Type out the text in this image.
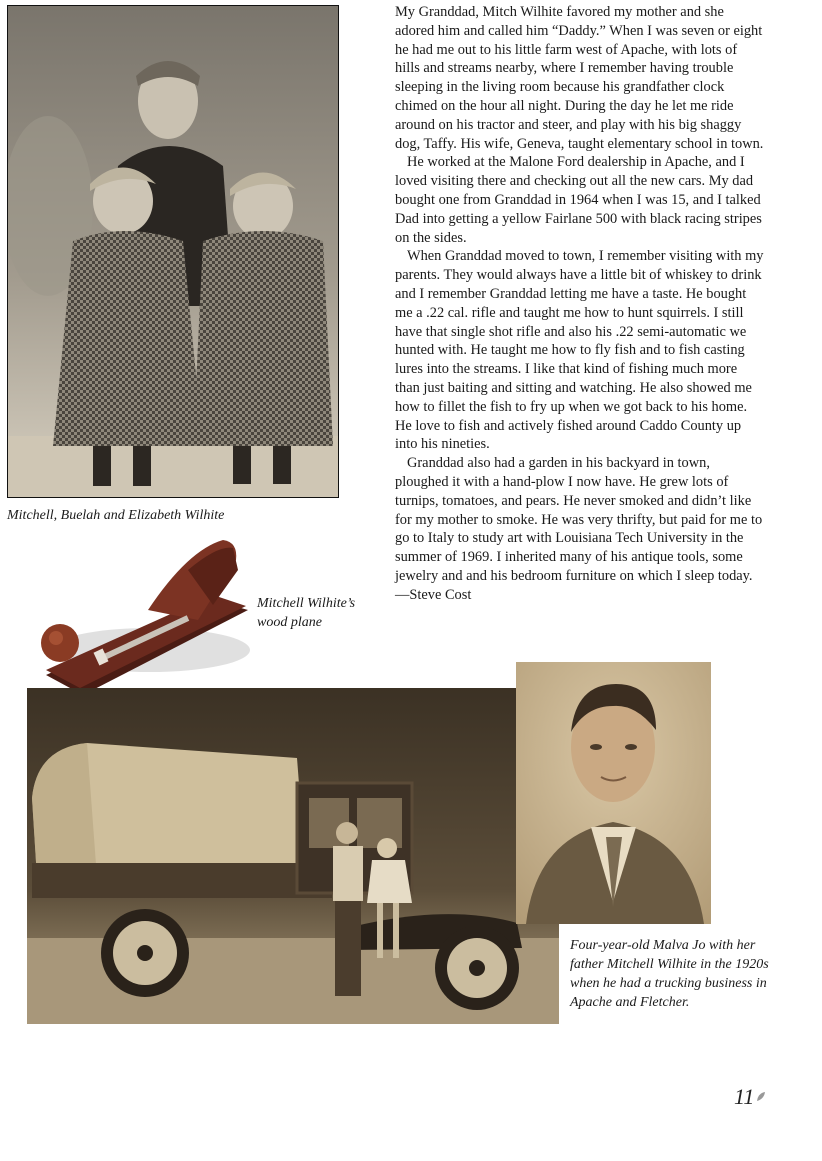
Mitchell, Buelah and Elizabeth Wilhite
Mitchell Wilhite’s wood plane

My Granddad, Mitch Wilhite favored my mother and she adored him and called him “Daddy.” When I was seven or eight he had me out to his little farm west of Apache, with lots of hills and streams nearby, where I remember having trouble sleeping in the living room because his grandfather clock chimed on the hour all night. During the day he let me ride around on his tractor and steer, and play with his big shaggy dog, Taffy. His wife, Geneva, taught elementary school in town.

He worked at the Malone Ford dealership in Apache, and I loved visiting there and checking out all the new cars. My dad bought one from Granddad in 1964 when I was 15, and I talked Dad into getting a yellow Fairlane 500 with black racing stripes on the sides.

When Granddad moved to town, I remember visiting with my parents. They would always have a little bit of whiskey to drink and I remember Granddad letting me have a taste. He bought me a .22 cal. rifle and taught me how to hunt squirrels. I still have that single shot rifle and also his .22 semi-automatic we hunted with. He taught me how to fly fish and to fish casting lures into the streams. I like that kind of fishing much more than just baiting and sitting and watching. He also showed me how to fillet the fish to fry up when we got back to his home. He love to fish and actively fished around Caddo County up into his nineties.

Granddad also had a garden in his backyard in town, ploughed it with a hand-plow I now have. He grew lots of turnips, tomatoes, and pears. He never smoked and didn’t like for my mother to smoke. He was very thrifty, but paid for me to go to Italy to study art with Louisiana Tech University in the summer of 1969. I inherited many of his antique tools, some jewelry and and his bedroom furniture on which I sleep today. —Steve Cost

Four-year-old Malva Jo with her father Mitchell Wilhite in the 1920s when he had a trucking business in Apache and Fletcher.
11
